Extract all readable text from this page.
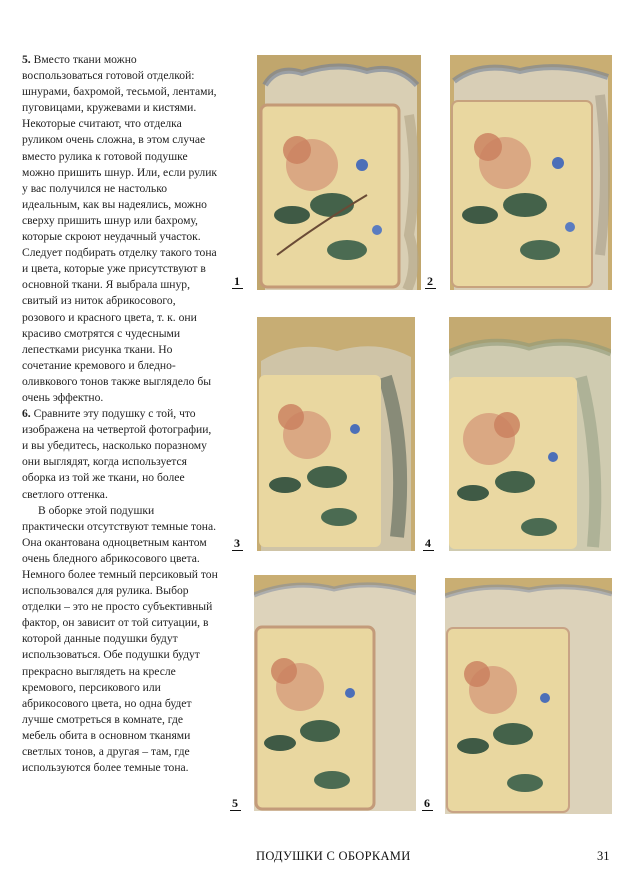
5. Вместо ткани можно воспользоваться готовой отделкой: шнурами, бахромой, тесьмой, лентами, пуговицами, кружевами и кистями. Некоторые считают, что отделка руликом очень сложна, в этом случае вместо рулика к готовой подушке можно пришить шнур. Или, если рулик у вас получился не настолько идеальным, как вы надеялись, можно сверху пришить шнур или бахрому, которые скроют неудачный участок. Следует подбирать отделку такого тона и цвета, которые уже присутствуют в основной ткани. Я выбрала шнур, свитый из ниток абрикосового, розового и красного цвета, т. к. они красиво смотрятся с чудесными лепестками рисунка ткани. Но сочетание кремового и бледно-оливкового тонов также выглядело бы очень эффектно.

6. Сравните эту подушку с той, что изображена на четвертой фотографии, и вы убедитесь, насколько поразному они выглядят, когда используется оборка из той же ткани, но более светлого оттенка.

В оборке этой подушки практически отсутствуют темные тона. Она окантована одноцветным кантом очень бледного абрикосового цвета. Немного более темный персиковый тон использовался для рулика. Выбор отделки – это не просто субъективный фактор, он зависит от той ситуации, в которой данные подушки будут использоваться. Обе подушки будут прекрасно выглядеть на кресле кремового, персикового или абрикосового цвета, но одна будет лучше смотреться в комнате, где мебель обита в основном тканями светлых тонов, а другая – там, где используются более темные тона.

1	2
3	4
5	6
ПОДУШКИ С ОБОРКАМИ	31
